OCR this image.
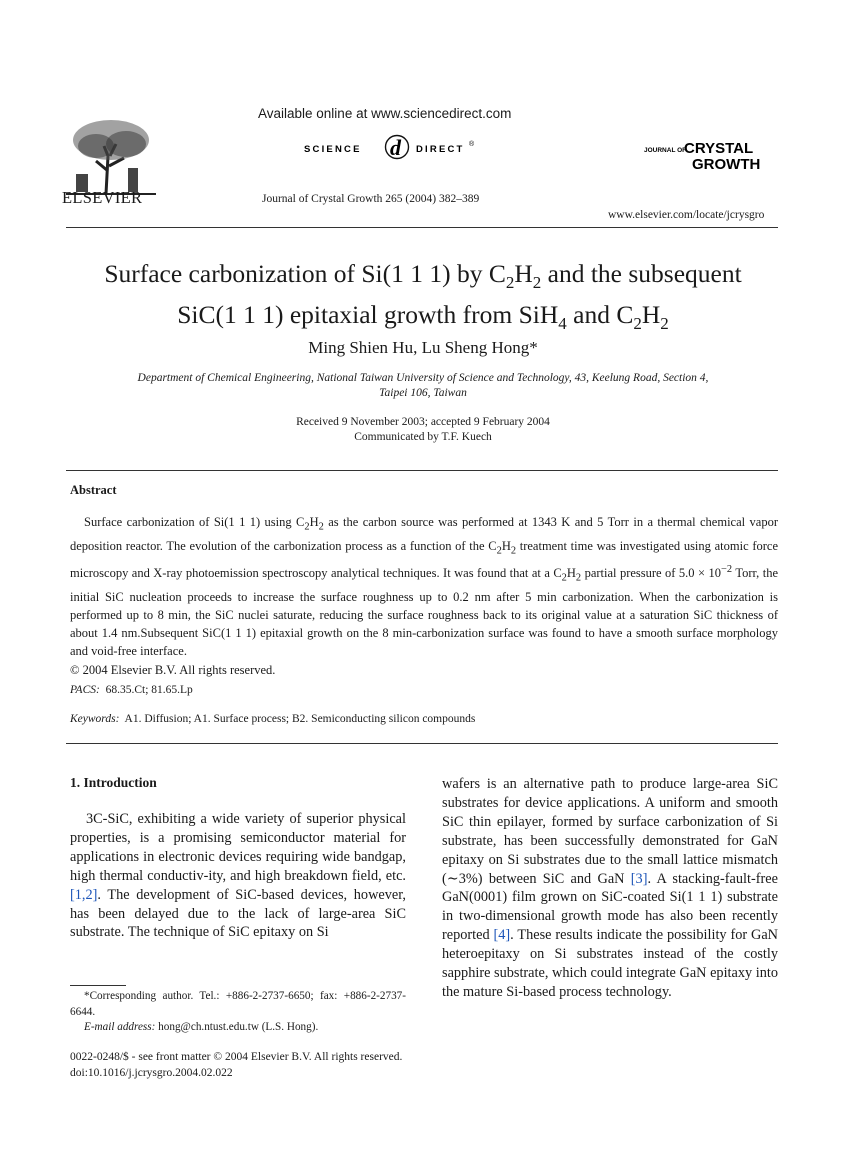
ELSEVIER
Available online at www.sciencedirect.com
SCIENCE d DIRECT ®
Journal of Crystal Growth 265 (2004) 382–389
JOURNAL OF
CRYSTAL
GROWTH
www.elsevier.com/locate/jcrysgro
Surface carbonization of Si(1 1 1) by $C_2H_2$ and the subsequent
SiC(1 1 1) epitaxial growth from SiH$_4$ and $C_2H_2$
Ming Shien Hu, Lu Sheng Hong*
Department of Chemical Engineering, National Taiwan University of Science and Technology, 43, Keelung Road, Section 4,
Taipei 106, Taiwan
Received 9 November 2003; accepted 9 February 2004
Communicated by T.F. Kuech
Abstract

Surface carbonization of Si(1 1 1) using $C_2H_2$ as the carbon source was performed at 1343 K and 5 Torr in a thermal chemical vapor deposition reactor. The evolution of the carbonization process as a function of the $C_2H_2$ treatment time was investigated using atomic force microscopy and X-ray photoemission spectroscopy analytical techniques. It was found that at a $C_2H_2$ partial pressure of $5.0 \times 10^{-2}$ Torr, the initial SiC nucleation proceeds to increase the surface roughness up to 0.2 nm after 5 min carbonization. When the carbonization is performed up to 8 min, the SiC nuclei saturate, reducing the surface roughness back to its original value at a saturation SiC thickness of about 1.4 nm.Subsequent SiC(1 1 1) epitaxial growth on the 8 min-carbonization surface was found to have a smooth surface morphology and void-free interface.

© 2004 Elsevier B.V. All rights reserved.
PACS: 68.35.Ct; 81.65.Lp
Keywords: A1. Diffusion; A1. Surface process; B2. Semiconducting silicon compounds
1. Introduction

3C-SiC, exhibiting a wide variety of superior physical properties, is a promising semiconductor material for applications in electronic devices requiring wide bandgap, high thermal conductiv-ity, and high breakdown field, etc. [1,2]. The development of SiC-based devices, however, has been delayed due to the lack of large-area SiC substrate. The technique of SiC epitaxy on Si

wafers is an alternative path to produce large-area SiC substrates for device applications. A uniform and smooth SiC thin epilayer, formed by surface carbonization of Si substrate, has been successfully demonstrated for GaN epitaxy on Si substrates due to the small lattice mismatch (∼3%) between SiC and GaN [3]. A stacking-fault-free GaN(0001) film grown on SiC-coated Si(1 1 1) substrate in two-dimensional growth mode has also been recently reported [4]. These results indicate the possibility for GaN heteroepitaxy on Si substrates instead of the costly sapphire substrate, which could integrate GaN epitaxy into the mature Si-based process technology.

*Corresponding author. Tel.: +886-2-2737-6650; fax: +886-2-2737-6644.

E-mail address: hong@ch.ntust.edu.tw (L.S. Hong).

0022-0248/$ - see front matter © 2004 Elsevier B.V. All rights reserved.
doi:10.1016/j.jcrysgro.2004.02.022
